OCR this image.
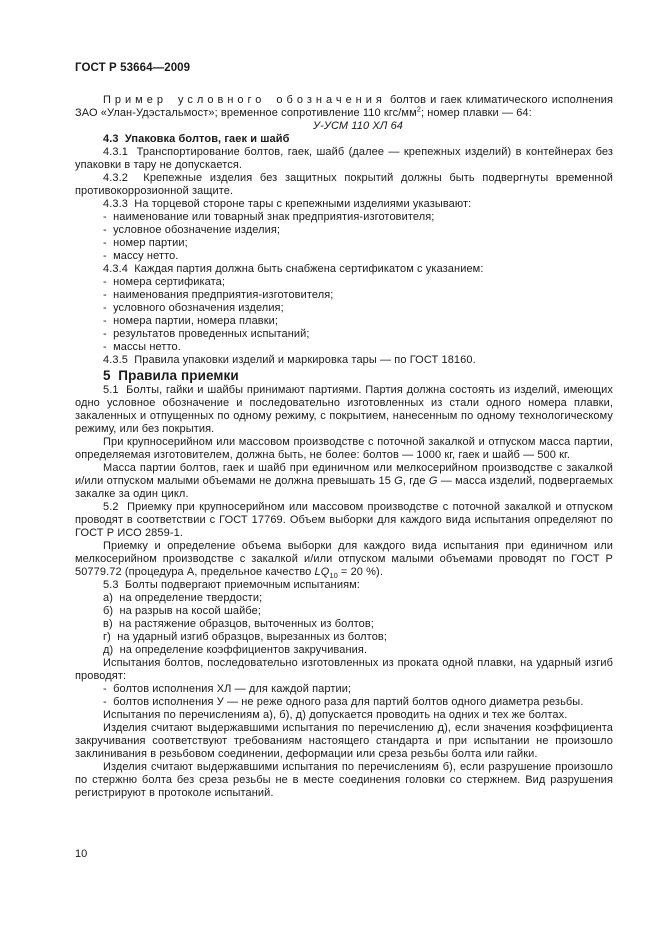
ГОСТ Р 53664—2009

Пример условного обозначения болтов и гаек климатического исполнения ЗАО «Улан-Удэстальмост»; временное сопротивление 110 кгс/$мм^2$; номер плавки — 64:

У-УСМ 110 ХЛ 64

4.3  Упаковка болтов, гаек и шайб

4.3.1  Транспортирование болтов, гаек, шайб (далее — крепежных изделий) в контейнерах без упаковки в тару не допускается.

4.3.2  Крепежные изделия без защитных покрытий должны быть подвергнуты временной противокоррозионной защите.

4.3.3  На торцевой стороне тары с крепежными изделиями указывают:

-  наименование или товарный знак предприятия-изготовителя;

-  условное обозначение изделия;

-  номер партии;

-  массу нетто.

4.3.4  Каждая партия должна быть снабжена сертификатом с указанием:

-  номера сертификата;

-  наименования предприятия-изготовителя;

-  условного обозначения изделия;

-  номера партии, номера плавки;

-  результатов проведенных испытаний;

-  массы нетто.

4.3.5  Правила упаковки изделий и маркировка тары — по ГОСТ 18160.

5  Правила приемки

5.1  Болты, гайки и шайбы принимают партиями. Партия должна состоять из изделий, имеющих одно условное обозначение и последовательно изготовленных из стали одного номера плавки, закаленных и отпущенных по одному режиму, с покрытием, нанесенным по одному технологическому режиму, или без покрытия.

При крупносерийном или массовом производстве с поточной закалкой и отпуском масса партии, определяемая изготовителем, должна быть, не более: болтов — 1000 кг, гаек и шайб — 500 кг.

Масса партии болтов, гаек и шайб при единичном или мелкосерийном производстве с закалкой и/или отпуском малыми объемами не должна превышать 15 G, где G — масса изделий, подвергаемых закалке за один цикл.

5.2  Приемку при крупносерийном или массовом производстве с поточной закалкой и отпуском проводят в соответствии с ГОСТ 17769. Объем выборки для каждого вида испытания определяют по ГОСТ Р ИСО 2859-1.

Приемку и определение объема выборки для каждого вида испытания при единичном или мелкосерийном производстве с закалкой и/или отпуском малыми объемами проводят по ГОСТ Р 50779.72 (процедура А, предельное качество $LQ_{10} = 20$ %).

5.3  Болты подвергают приемочным испытаниям:

а)  на определение твердости;

б)  на разрыв на косой шайбе;

в)  на растяжение образцов, выточенных из болтов;

г)  на ударный изгиб образцов, вырезанных из болтов;

д)  на определение коэффициентов закручивания.

Испытания болтов, последовательно изготовленных из проката одной плавки, на ударный изгиб проводят:

-  болтов исполнения ХЛ — для каждой партии;

-  болтов исполнения У — не реже одного раза для партий болтов одного диаметра резьбы.

Испытания по перечислениям а), б), д) допускается проводить на одних и тех же болтах.

Изделия считают выдержавшими испытания по перечислению д), если значения коэффициента закручивания соответствуют требованиям настоящего стандарта и при испытании не произошло заклинивания в резьбовом соединении, деформации или среза резьбы болта или гайки.

Изделия считают выдержавшими испытания по перечислениям б), если разрушение произошло по стержню болта без среза резьбы не в месте соединения головки со стержнем. Вид разрушения регистрируют в протоколе испытаний.

10
